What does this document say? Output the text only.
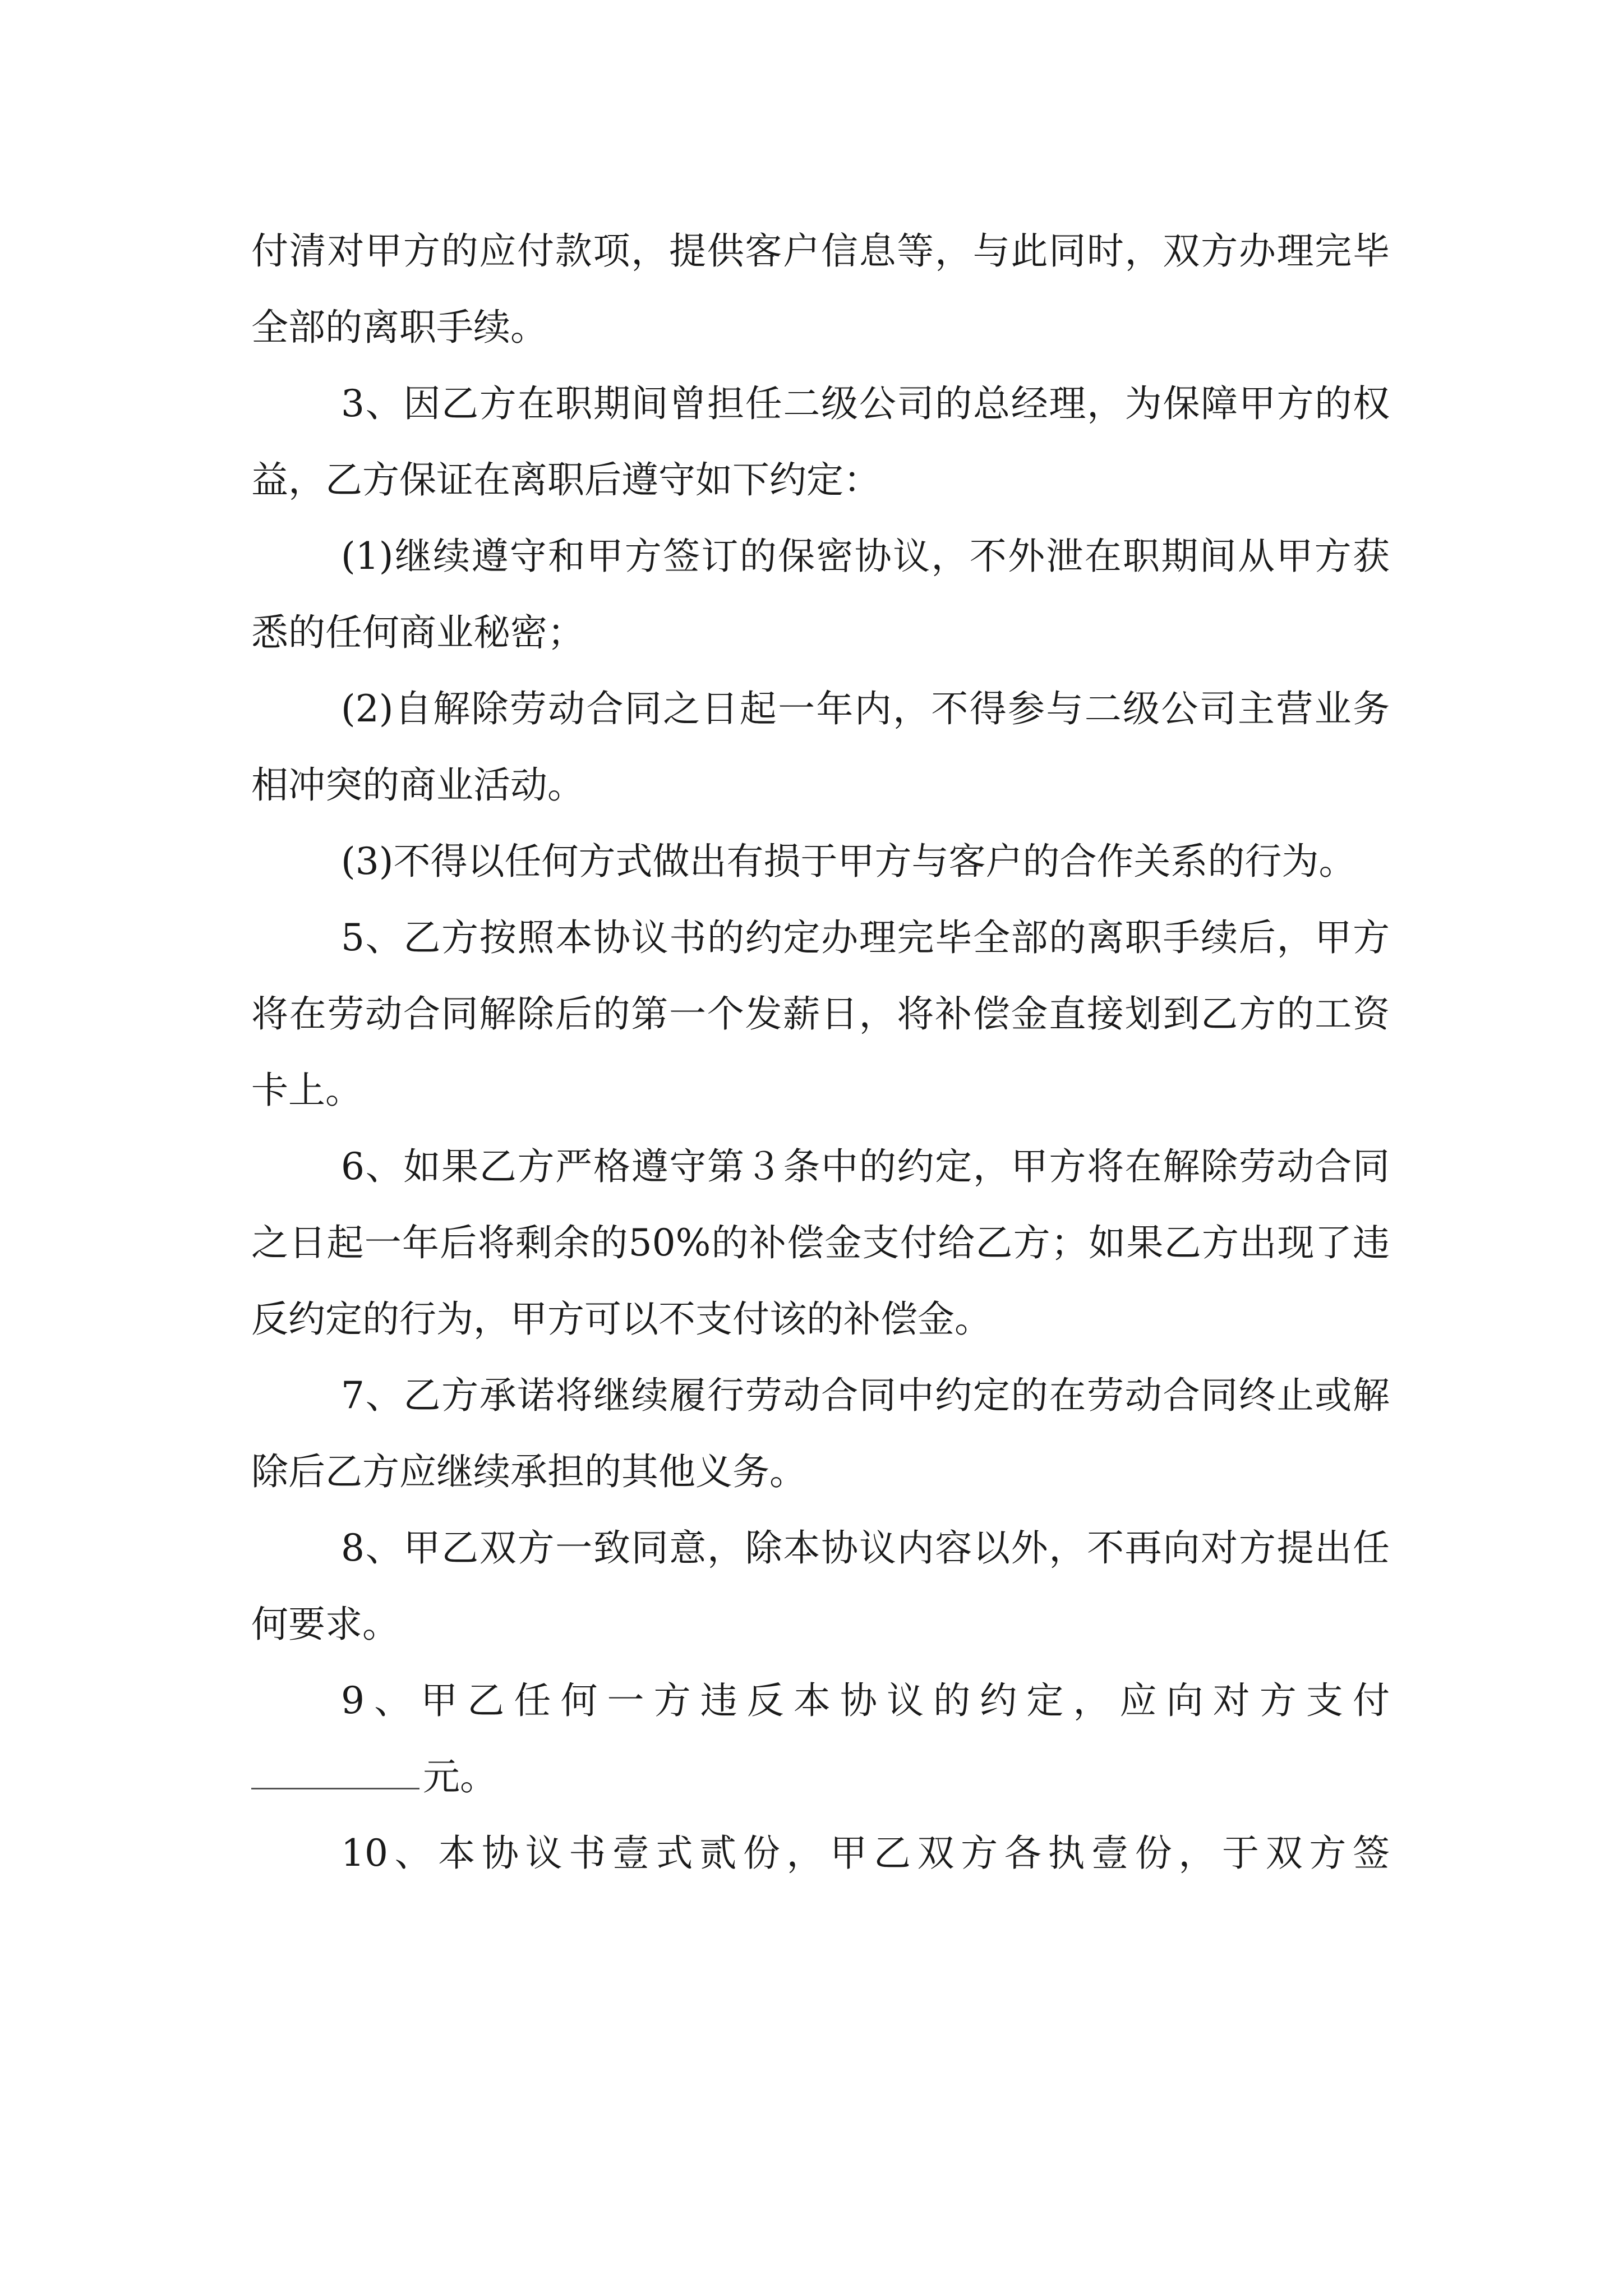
付清对甲方的应付款项，提供客户信息等，与此同时，双方办理完毕全部的离职手续。

3、因乙方在职期间曾担任二级公司的总经理，为保障甲方的权益，乙方保证在离职后遵守如下约定：

(1)继续遵守和甲方签订的保密协议，不外泄在职期间从甲方获悉的任何商业秘密；

(2)自解除劳动合同之日起一年内，不得参与二级公司主营业务相冲突的商业活动。

(3)不得以任何方式做出有损于甲方与客户的合作关系的行为。

5、乙方按照本协议书的约定办理完毕全部的离职手续后，甲方将在劳动合同解除后的第一个发薪日，将补偿金直接划到乙方的工资卡上。

6、如果乙方严格遵守第３条中的约定，甲方将在解除劳动合同之日起一年后将剩余的50%的补偿金支付给乙方；如果乙方出现了违反约定的行为，甲方可以不支付该的补偿金。

7、乙方承诺将继续履行劳动合同中约定的在劳动合同终止或解除后乙方应继续承担的其他义务。

8、甲乙双方一致同意，除本协议内容以外，不再向对方提出任何要求。

9、甲乙任何一方违反本协议的约定，应向对方支付

元。

10、本协议书壹式贰份，甲乙双方各执壹份，于双方签
